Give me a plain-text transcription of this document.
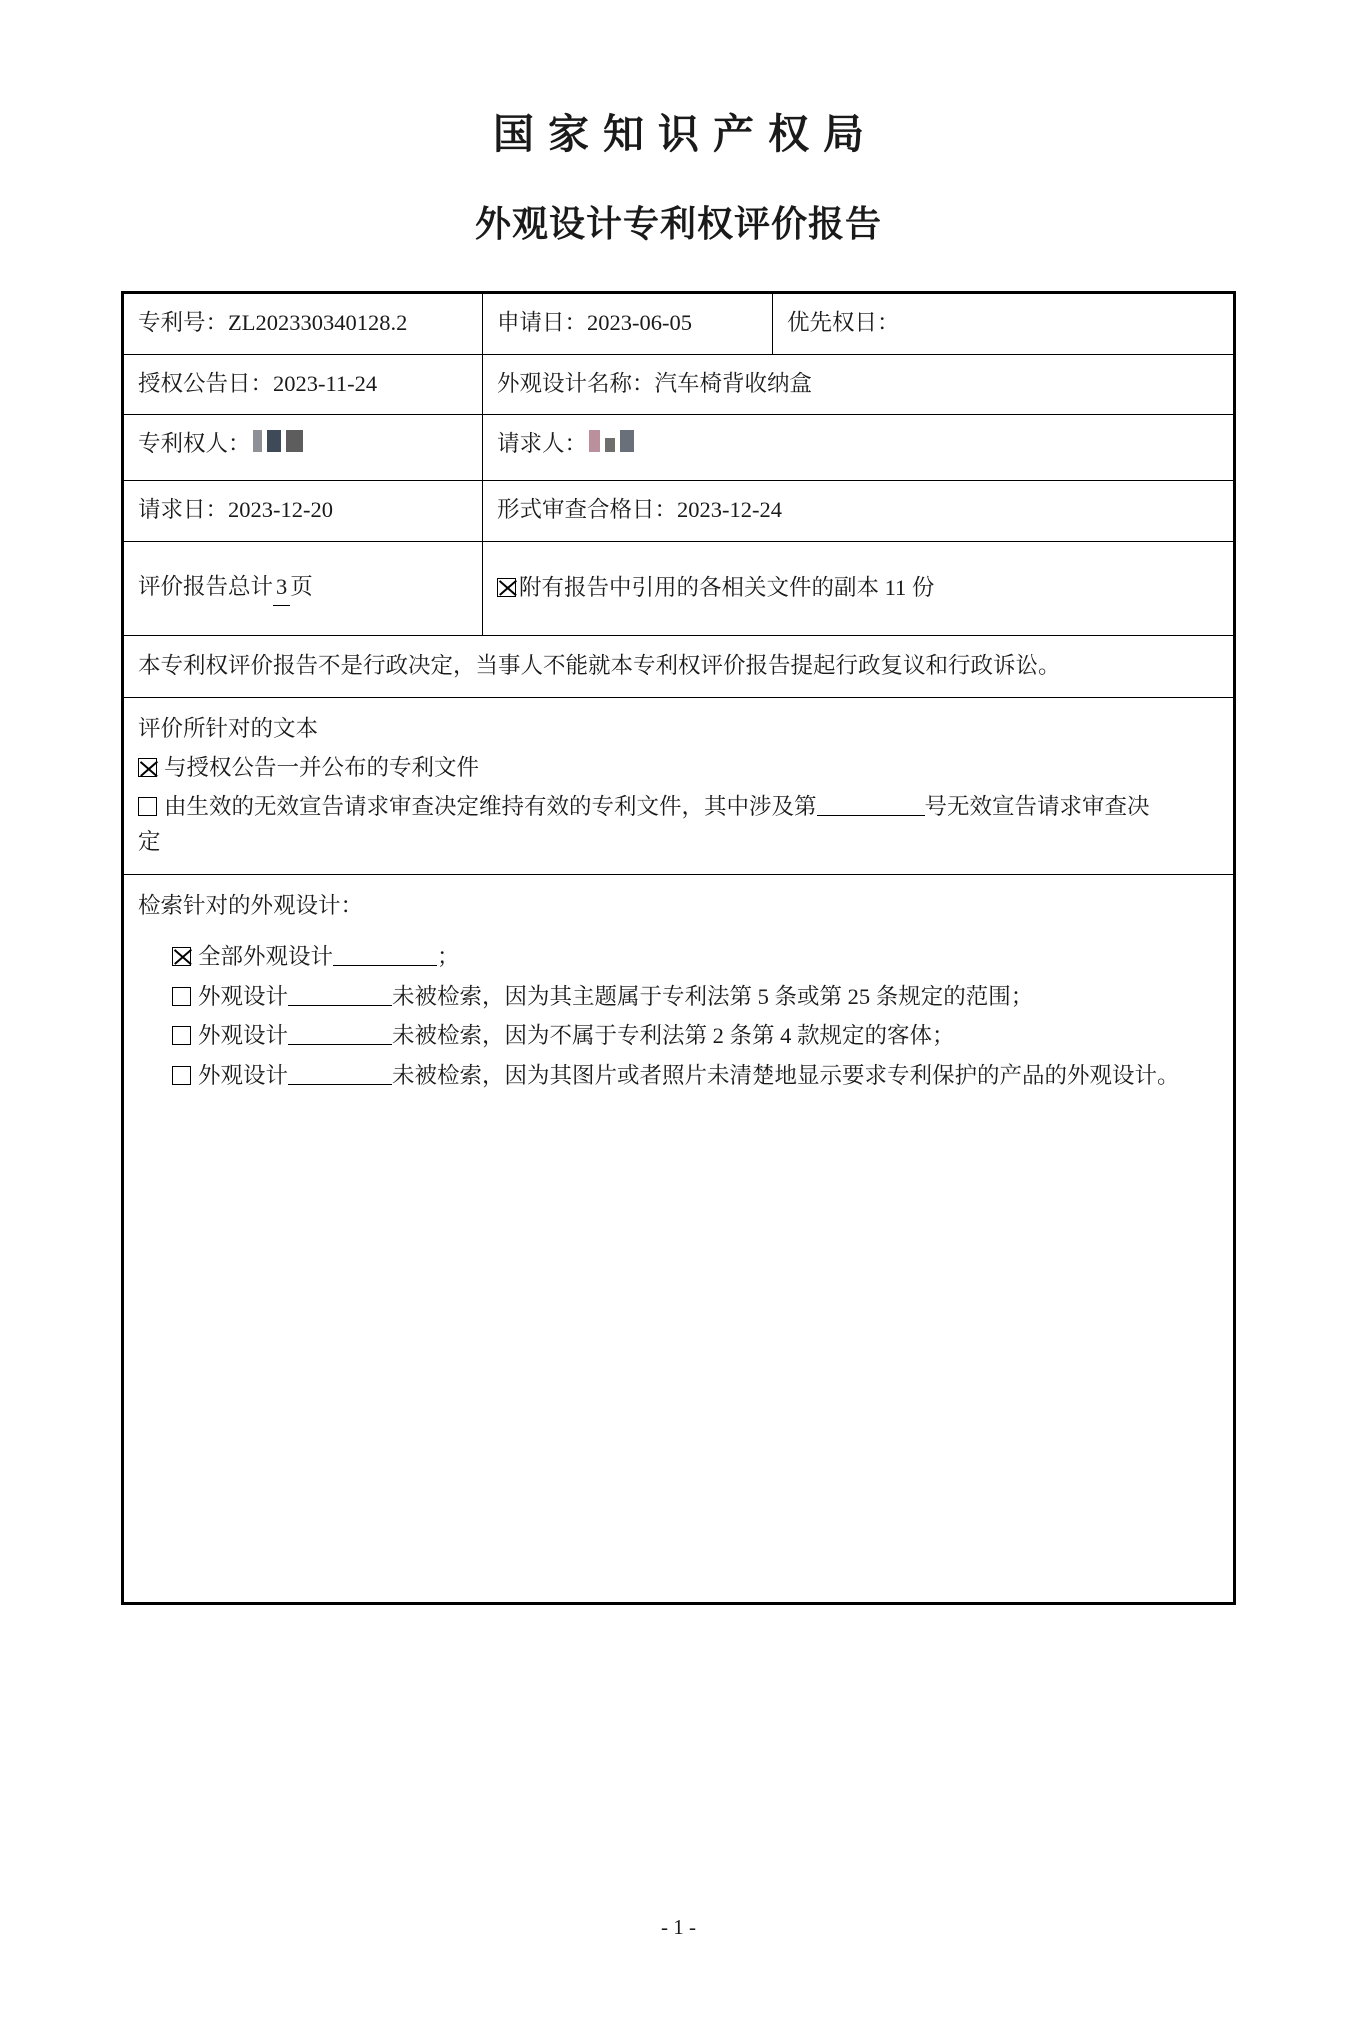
国家知识产权局
外观设计专利权评价报告
专利号：ZL202330340128.2	申请日：2023-06-05	优先权日：
授权公告日：2023-11-24	外观设计名称：汽车椅背收纳盒	
专利权人：	请求人：	
请求日：2023-12-20	形式审查合格日：2023-12-24	
评价报告总计 3 页	附有报告中引用的各相关文件的副本 11 份	
本专利权评价报告不是行政决定，当事人不能就本专利权评价报告提起行政复议和行政诉讼。		

评价所针对的文本
与授权公告一并公布的专利文件
由生效的无效宣告请求审查决定维持有效的专利文件，其中涉及第 号无效宣告请求审查决
定		

检索针对的外观设计：
全部外观设计 ；
外观设计 未被检索，因为其主题属于专利法第 5 条或第 25 条规定的范围；
外观设计 未被检索，因为不属于专利法第 2 条第 4 款规定的客体；
外观设计 未被检索，因为其图片或者照片未清楚地显示要求专利保护的产品的外观设计。		
- 1 -
